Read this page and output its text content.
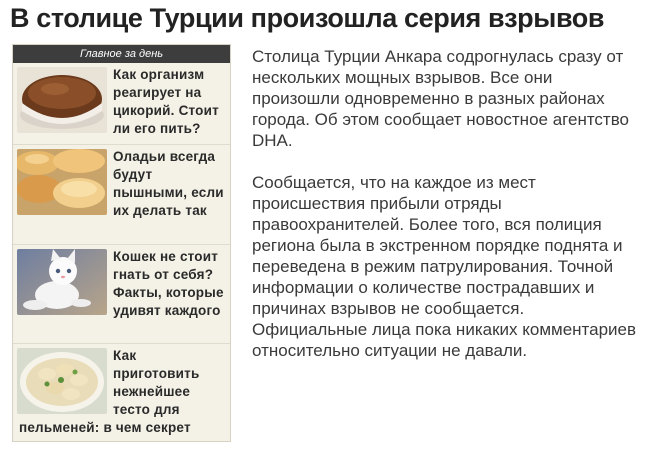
В столице Турции произошла серия взрывов
Главное за день
Как организм реагирует на цикорий. Стоит ли его пить?
Оладьи всегда будут пышными, если их делать так
Кошек не стоит гнать от себя? Факты, которые удивят каждого
Как приготовить нежнейшее тесто для пельменей: в чем секрет

Столица Турции Анкара содрогнулась сразу от нескольких мощных взрывов. Все они произошли одновременно в разных районах города. Об этом сообщает новостное агентство DHA.

Сообщается, что на каждое из мест происшествия прибыли отряды правоохранителей. Более того, вся полиция региона была в экстренном порядке поднята и переведена в режим патрулирования. Точной информации о количестве пострадавших и причинах взрывов не сообщается. Официальные лица пока никаких комментариев относительно ситуации не давали.
